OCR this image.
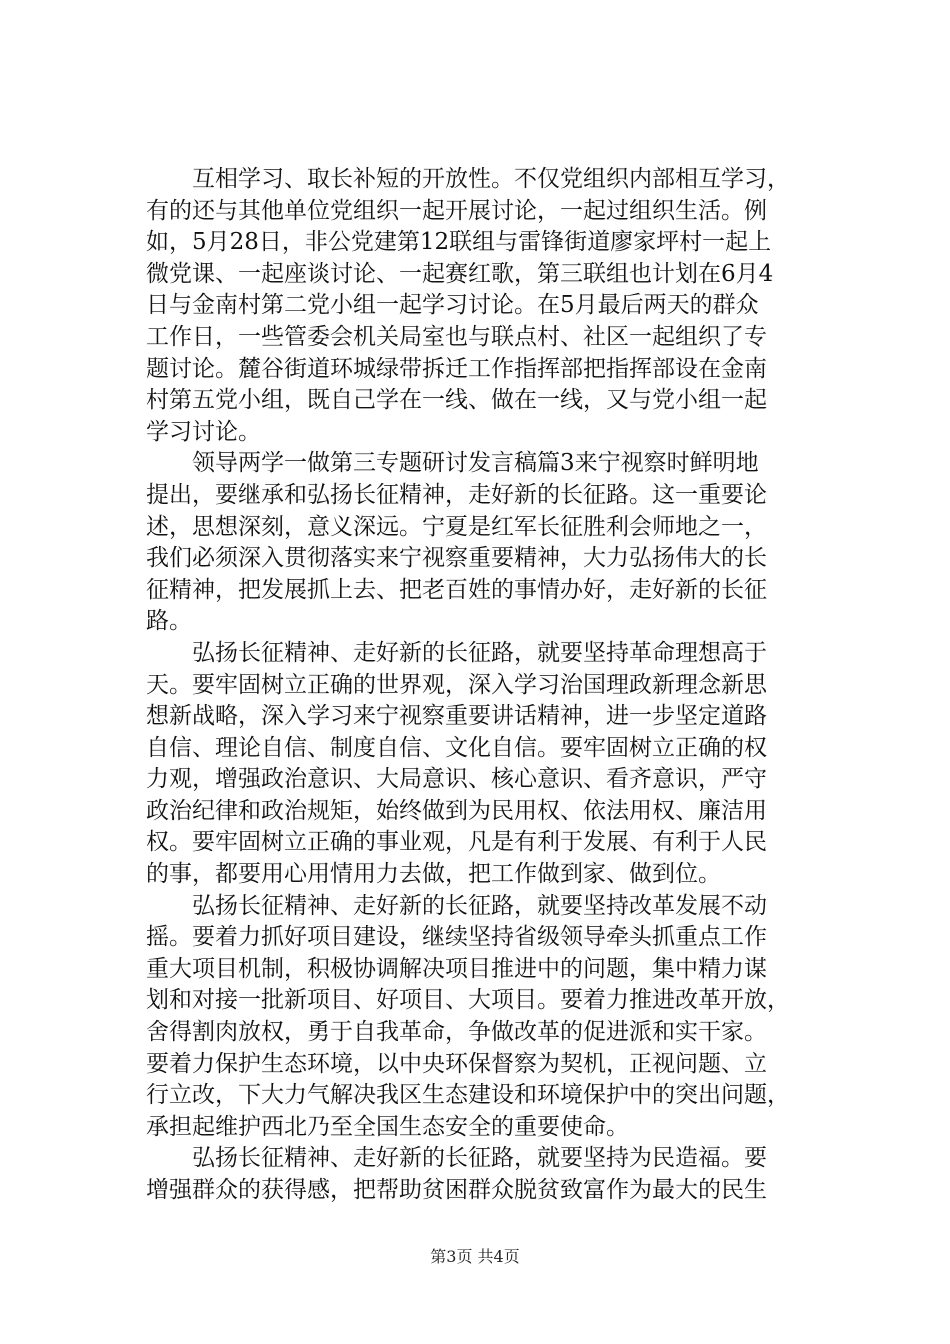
　　互相学习、取长补短的开放性。不仅党组织内部相互学习，
有的还与其他单位党组织一起开展讨论，一起过组织生活。例
如，5月28日，非公党建第12联组与雷锋街道廖家坪村一起上
微党课、一起座谈讨论、一起赛红歌，第三联组也计划在6月4
日与金南村第二党小组一起学习讨论。在5月最后两天的群众
工作日，一些管委会机关局室也与联点村、社区一起组织了专
题讨论。麓谷街道环城绿带拆迁工作指挥部把指挥部设在金南
村第五党小组，既自己学在一线、做在一线，又与党小组一起
学习讨论。
　　领导两学一做第三专题研讨发言稿篇3来宁视察时鲜明地
提出，要继承和弘扬长征精神，走好新的长征路。这一重要论
述，思想深刻，意义深远。宁夏是红军长征胜利会师地之一，
我们必须深入贯彻落实来宁视察重要精神，大力弘扬伟大的长
征精神，把发展抓上去、把老百姓的事情办好，走好新的长征
路。
　　弘扬长征精神、走好新的长征路，就要坚持革命理想高于
天。要牢固树立正确的世界观，深入学习治国理政新理念新思
想新战略，深入学习来宁视察重要讲话精神，进一步坚定道路
自信、理论自信、制度自信、文化自信。要牢固树立正确的权
力观，增强政治意识、大局意识、核心意识、看齐意识，严守
政治纪律和政治规矩，始终做到为民用权、依法用权、廉洁用
权。要牢固树立正确的事业观，凡是有利于发展、有利于人民
的事，都要用心用情用力去做，把工作做到家、做到位。
　　弘扬长征精神、走好新的长征路，就要坚持改革发展不动
摇。要着力抓好项目建设，继续坚持省级领导牵头抓重点工作
重大项目机制，积极协调解决项目推进中的问题，集中精力谋
划和对接一批新项目、好项目、大项目。要着力推进改革开放，
舍得割肉放权，勇于自我革命，争做改革的促进派和实干家。
要着力保护生态环境，以中央环保督察为契机，正视问题、立
行立改，下大力气解决我区生态建设和环境保护中的突出问题，
承担起维护西北乃至全国生态安全的重要使命。
　　弘扬长征精神、走好新的长征路，就要坚持为民造福。要
增强群众的获得感，把帮助贫困群众脱贫致富作为最大的民生
第3页 共4页
